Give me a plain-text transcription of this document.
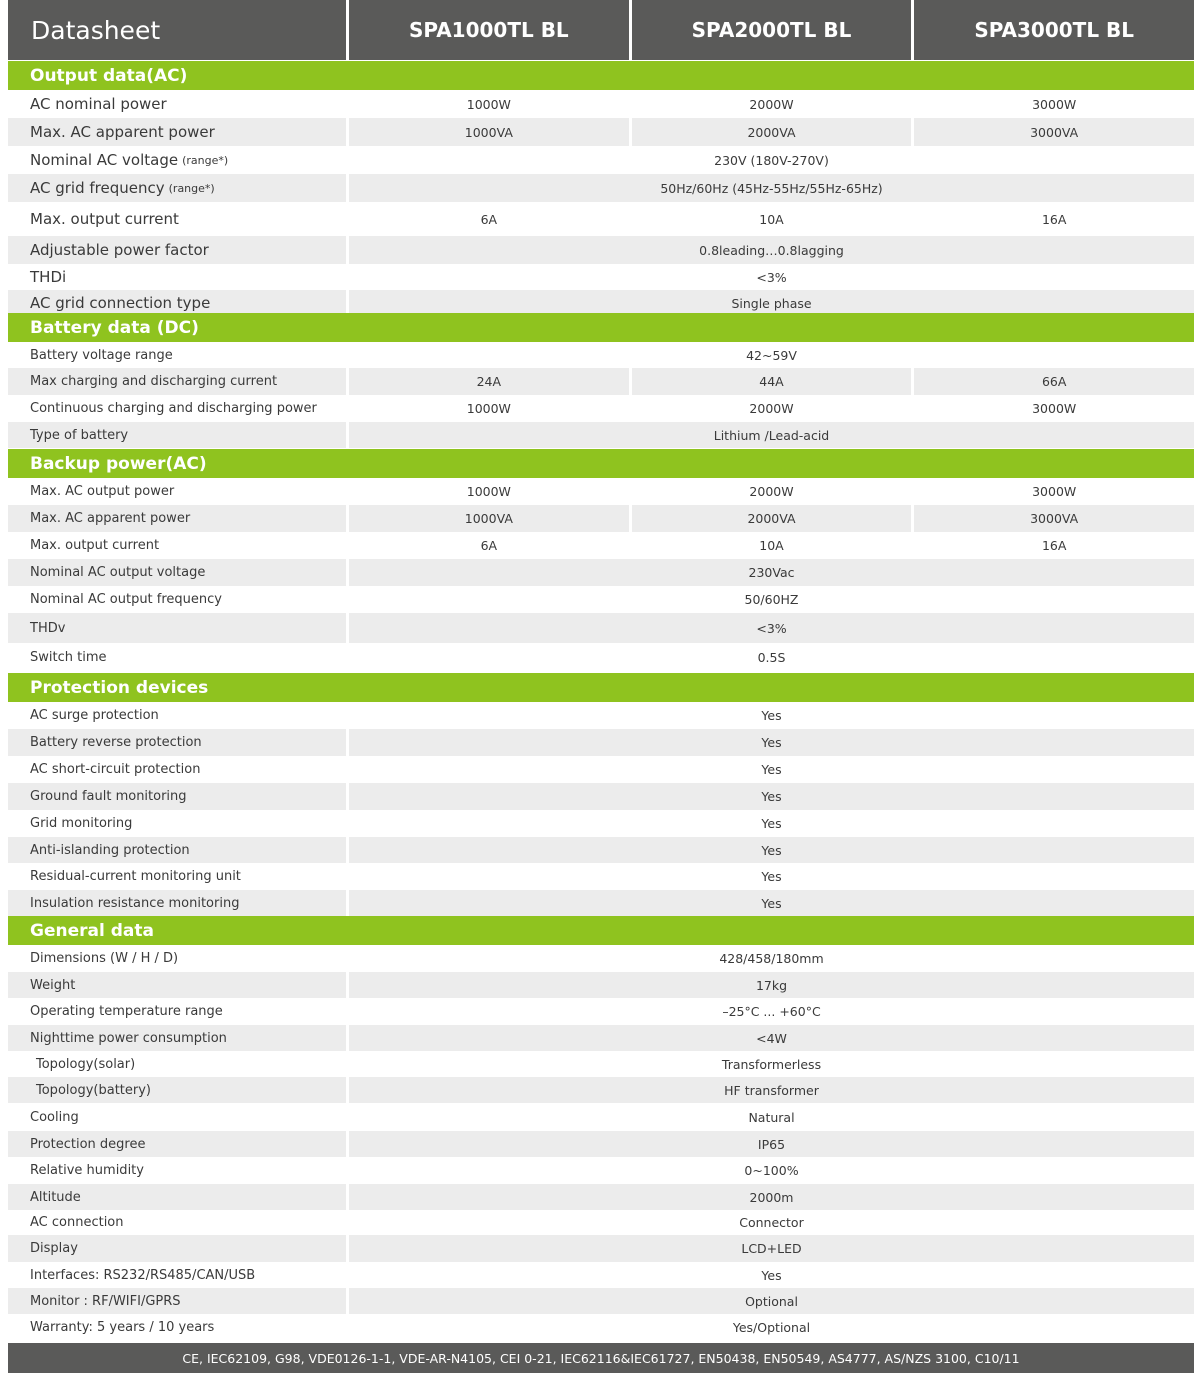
Datasheet	SPA1000TL BL	SPA2000TL BL	SPA3000TL BL
Output data(AC)
AC nominal power	1000W	2000W	3000W
Max. AC apparent power	1000VA	2000VA	3000VA
Nominal AC voltage (range*)	230V (180V-270V)
AC grid frequency (range*)	50Hz/60Hz (45Hz-55Hz/55Hz-65Hz)
Max. output current	6A	10A	16A
Adjustable power factor	0.8leading…0.8lagging
THDi	<3%
AC grid connection type	Single phase
Battery data (DC)
Battery voltage range	42~59V
Max charging and discharging current	24A	44A	66A
Continuous charging and discharging power	1000W	2000W	3000W
Type of battery	Lithium /Lead-acid
Backup power(AC)
Max. AC output power	1000W	2000W	3000W
Max. AC apparent power	1000VA	2000VA	3000VA
Max. output current	6A	10A	16A
Nominal AC output voltage	230Vac
Nominal AC output frequency	50/60HZ
THDv	<3%
Switch time	0.5S
Protection devices
AC surge protection	Yes
Battery reverse protection	Yes
AC short-circuit protection	Yes
Ground fault monitoring	Yes
Grid monitoring	Yes
Anti-islanding protection	Yes
Residual-current monitoring unit	Yes
Insulation resistance monitoring	Yes
General data
Dimensions (W / H / D)	428/458/180mm
Weight	17kg
Operating temperature range	–25°C ... +60°C
Nighttime power consumption	<4W
Topology(solar)	Transformerless
Topology(battery)	HF transformer
Cooling	Natural
Protection degree	IP65
Relative humidity	0~100%
Altitude	2000m
AC connection	Connector
Display	LCD+LED
Interfaces: RS232/RS485/CAN/USB	Yes
Monitor : RF/WIFI/GPRS	Optional
Warranty: 5 years / 10 years	Yes/Optional
CE, IEC62109, G98, VDE0126-1-1, VDE-AR-N4105, CEI 0-21, IEC62116&IEC61727, EN50438, EN50549, AS4777, AS/NZS 3100, C10/11
